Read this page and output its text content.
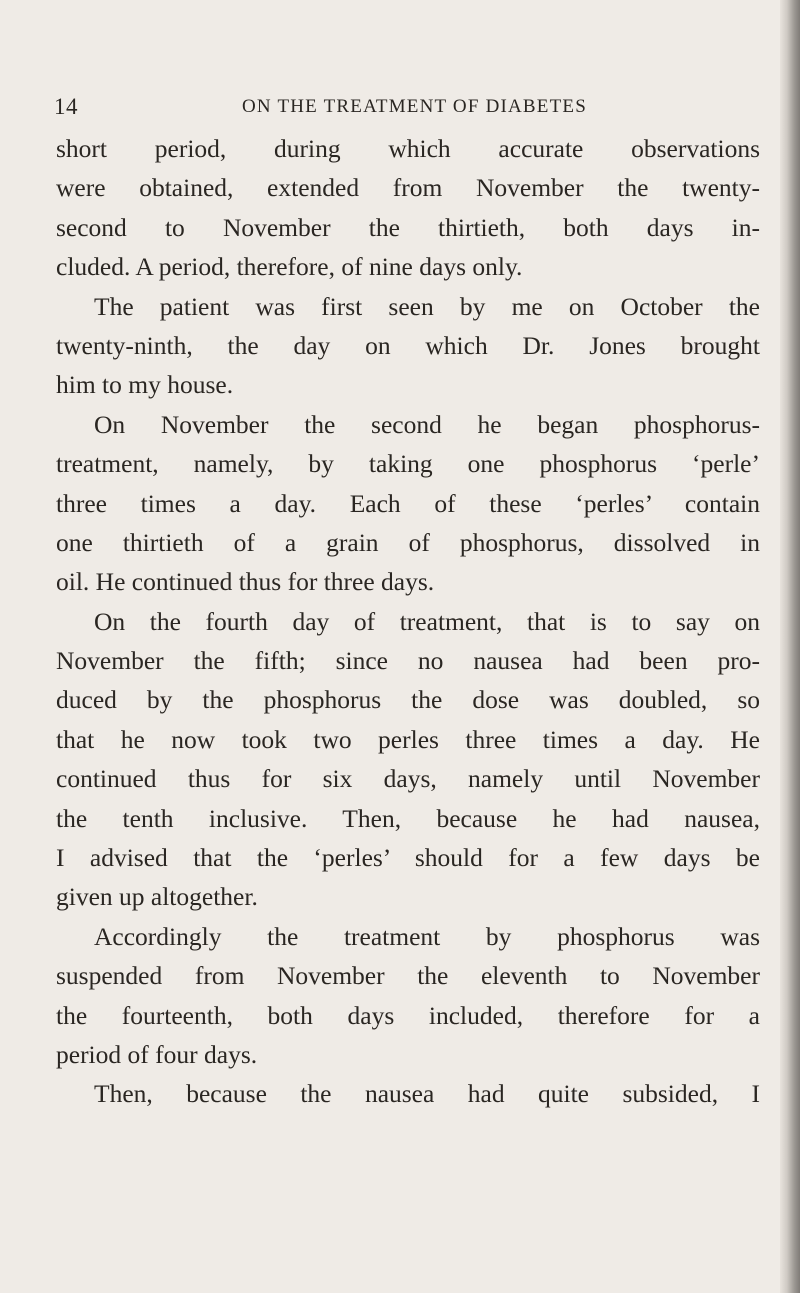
14	ON THE TREATMENT OF DIABETES
short period, during which accurate observations
were obtained, extended from November the twenty-
second to November the thirtieth, both days in-
cluded. A period, therefore, of nine days only.
The patient was first seen by me on October the
twenty-ninth, the day on which Dr. Jones brought
him to my house.
On November the second he began phosphorus-
treatment, namely, by taking one phosphorus ‘perle’
three times a day. Each of these ‘perles’ contain
one thirtieth of a grain of phosphorus, dissolved in
oil. He continued thus for three days.
On the fourth day of treatment, that is to say on
November the fifth; since no nausea had been pro-
duced by the phosphorus the dose was doubled, so
that he now took two perles three times a day. He
continued thus for six days, namely until November
the tenth inclusive. Then, because he had nausea,
I advised that the ‘perles’ should for a few days be
given up altogether.
Accordingly the treatment by phosphorus was
suspended from November the eleventh to November
the fourteenth, both days included, therefore for a
period of four days.
Then, because the nausea had quite subsided, I
